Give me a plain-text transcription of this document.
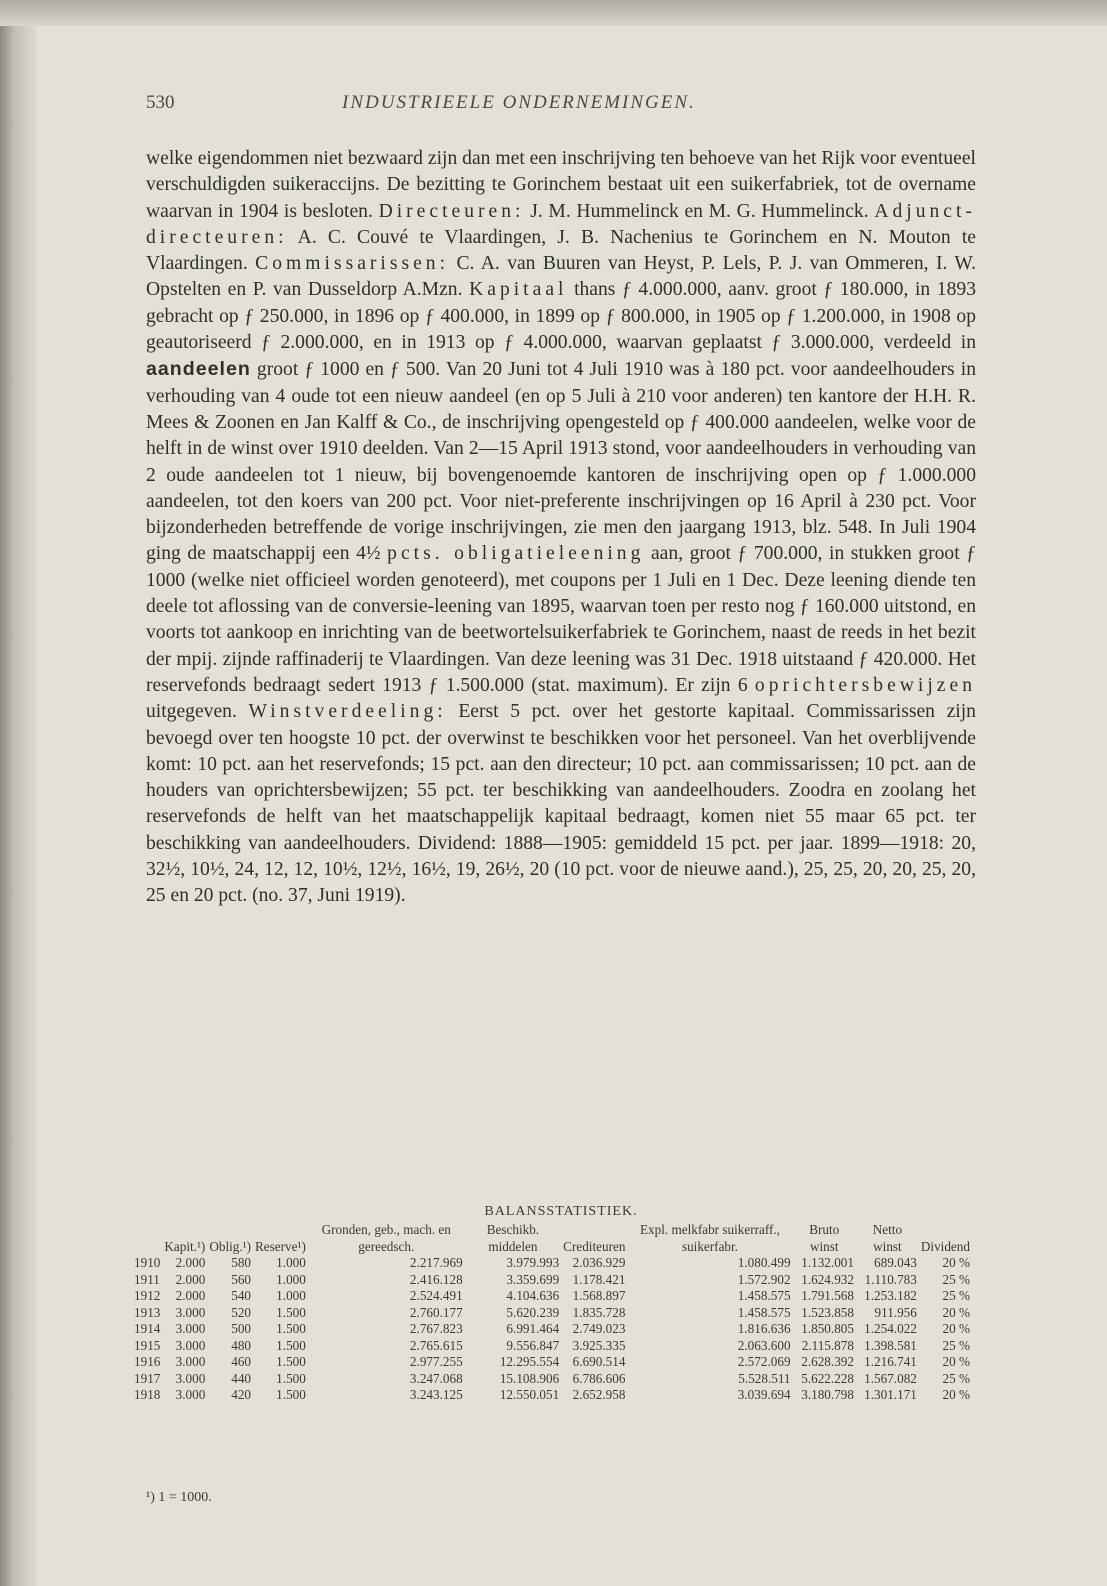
530	INDUSTRIEELE ONDERNEMINGEN.

welke eigendommen niet bezwaard zijn dan met een inschrijving ten behoeve van het Rijk voor eventueel verschuldigden suikeraccijns. De bezitting te Gorinchem bestaat uit een suikerfabriek, tot de overname waarvan in 1904 is besloten. Directeuren: J. M. Hummelinck en M. G. Hummelinck. Adjunct-directeuren: A. C. Couvé te Vlaardingen, J. B. Nachenius te Gorinchem en N. Mouton te Vlaardingen. Commissarissen: C. A. van Buuren van Heyst, P. Lels, P. J. van Ommeren, I. W. Opstelten en P. van Dusseldorp A.Mzn. Kapitaal thans ƒ 4.000.000, aanv. groot ƒ 180.000, in 1893 gebracht op ƒ 250.000, in 1896 op ƒ 400.000, in 1899 op ƒ 800.000, in 1905 op ƒ 1.200.000, in 1908 op geautoriseerd ƒ 2.000.000, en in 1913 op ƒ 4.000.000, waarvan geplaatst ƒ 3.000.000, verdeeld in aandeelen groot ƒ 1000 en ƒ 500. Van 20 Juni tot 4 Juli 1910 was à 180 pct. voor aandeelhouders in verhouding van 4 oude tot een nieuw aandeel (en op 5 Juli à 210 voor anderen) ten kantore der H.H. R. Mees & Zoonen en Jan Kalff & Co., de inschrijving opengesteld op ƒ 400.000 aandeelen, welke voor de helft in de winst over 1910 deelden. Van 2—15 April 1913 stond, voor aandeelhouders in verhouding van 2 oude aandeelen tot 1 nieuw, bij bovengenoemde kantoren de inschrijving open op ƒ 1.000.000 aandeelen, tot den koers van 200 pct. Voor niet-preferente inschrijvingen op 16 April à 230 pct. Voor bijzonderheden betreffende de vorige inschrijvingen, zie men den jaargang 1913, blz. 548. In Juli 1904 ging de maatschappij een 4½ pcts. obligatieleening aan, groot ƒ 700.000, in stukken groot ƒ 1000 (welke niet officieel worden genoteerd), met coupons per 1 Juli en 1 Dec. Deze leening diende ten deele tot aflossing van de conversie-leening van 1895, waarvan toen per resto nog ƒ 160.000 uitstond, en voorts tot aankoop en inrichting van de beetwortelsuikerfabriek te Gorinchem, naast de reeds in het bezit der mpij. zijnde raffinaderij te Vlaardingen. Van deze leening was 31 Dec. 1918 uitstaand ƒ 420.000. Het reservefonds bedraagt sedert 1913 ƒ 1.500.000 (stat. maximum). Er zijn 6 oprichtersbewijzen uitgegeven. Winstverdeeling: Eerst 5 pct. over het gestorte kapitaal. Commissarissen zijn bevoegd over ten hoogste 10 pct. der overwinst te beschikken voor het personeel. Van het overblijvende komt: 10 pct. aan het reservefonds; 15 pct. aan den directeur; 10 pct. aan commissarissen; 10 pct. aan de houders van oprichtersbewijzen; 55 pct. ter beschikking van aandeelhouders. Zoodra en zoolang het reservefonds de helft van het maatschappelijk kapitaal bedraagt, komen niet 55 maar 65 pct. ter beschikking van aandeelhouders. Dividend: 1888—1905: gemiddeld 15 pct. per jaar. 1899—1918: 20, 32½, 10½, 24, 12, 12, 10½, 12½, 16½, 19, 26½, 20 (10 pct. voor de nieuwe aand.), 25, 25, 20, 20, 25, 20, 25 en 20 pct. (no. 37, Juni 1919).

BALANSSTATISTIEK.
	Kapit.¹)	Oblig.¹)	Reserve¹)	Gronden, geb., mach. en gereedsch.	Beschikb. middelen	Crediteuren	Expl. melkfabr suikerraff., suikerfabr.	Bruto winst	Netto winst	Dividend
1910	2.000	580	1.000	2.217.969	3.979.993	2.036.929	1.080.499	1.132.001	689.043	20 %
1911	2.000	560	1.000	2.416.128	3.359.699	1.178.421	1.572.902	1.624.932	1.110.783	25 %
1912	2.000	540	1.000	2.524.491	4.104.636	1.568.897	1.458.575	1.791.568	1.253.182	25 %
1913	3.000	520	1.500	2.760.177	5.620.239	1.835.728	1.458.575	1.523.858	911.956	20 %
1914	3.000	500	1.500	2.767.823	6.991.464	2.749.023	1.816.636	1.850.805	1.254.022	20 %
1915	3.000	480	1.500	2.765.615	9.556.847	3.925.335	2.063.600	2.115.878	1.398.581	25 %
1916	3.000	460	1.500	2.977.255	12.295.554	6.690.514	2.572.069	2.628.392	1.216.741	20 %
1917	3.000	440	1.500	3.247.068	15.108.906	6.786.606	5.528.511	5.622.228	1.567.082	25 %
1918	3.000	420	1.500	3.243.125	12.550.051	2.652.958	3.039.694	3.180.798	1.301.171	20 %
¹) 1 = 1000.
